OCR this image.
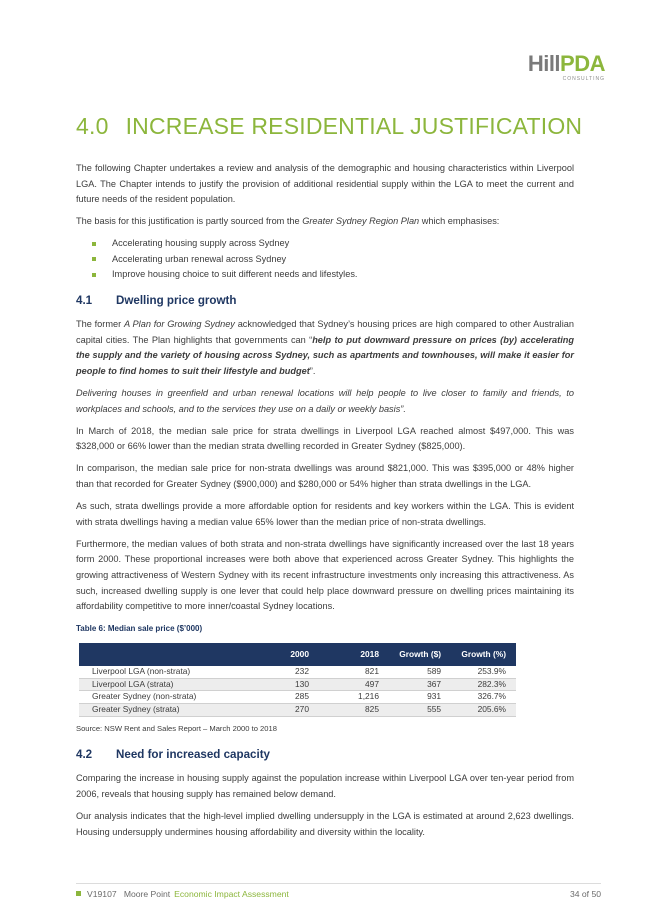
HillPDA
CONSULTING
4.0 INCREASE RESIDENTIAL JUSTIFICATION

The following Chapter undertakes a review and analysis of the demographic and housing characteristics within Liverpool LGA. The Chapter intends to justify the provision of additional residential supply within the LGA to meet the current and future needs of the resident population.

The basis for this justification is partly sourced from the Greater Sydney Region Plan which emphasises:

Accelerating housing supply across Sydney
Accelerating urban renewal across Sydney
Improve housing choice to suit different needs and lifestyles.
4.1 Dwelling price growth

The former A Plan for Growing Sydney acknowledged that Sydney’s housing prices are high compared to other Australian capital cities. The Plan highlights that governments can “help to put downward pressure on prices (by) accelerating the supply and the variety of housing across Sydney, such as apartments and townhouses, will make it easier for people to find homes to suit their lifestyle and budget”.

Delivering houses in greenfield and urban renewal locations will help people to live closer to family and friends, to workplaces and schools, and to the services they use on a daily or weekly basis”.

In March of 2018, the median sale price for strata dwellings in Liverpool LGA reached almost $497,000. This was $328,000 or 66% lower than the median strata dwelling recorded in Greater Sydney ($825,000).

In comparison, the median sale price for non-strata dwellings was around $821,000. This was $395,000 or 48% higher than that recorded for Greater Sydney ($900,000) and $280,000 or 54% higher than strata dwellings in the LGA.

As such, strata dwellings provide a more affordable option for residents and key workers within the LGA. This is evident with strata dwellings having a median value 65% lower than the median price of non-strata dwellings.

Furthermore, the median values of both strata and non-strata dwellings have significantly increased over the last 18 years form 2000. These proportional increases were both above that experienced across Greater Sydney. This highlights the growing attractiveness of Western Sydney with its recent infrastructure investments only increasing this attractiveness. As such, increased dwelling supply is one lever that could help place downward pressure on dwelling prices maintaining its affordability competitive to more inner/coastal Sydney locations.

Table 6: Median sale price ($’000)
	2000	2018	Growth ($)	Growth (%)
Liverpool LGA (non-strata)	232	821	589	253.9%
Liverpool LGA (strata)	130	497	367	282.3%
Greater Sydney (non-strata)	285	1,216	931	326.7%
Greater Sydney (strata)	270	825	555	205.6%
Source: NSW Rent and Sales Report – March 2000 to 2018
4.2 Need for increased capacity

Comparing the increase in housing supply against the population increase within Liverpool LGA over ten-year period from 2006, reveals that housing supply has remained below demand.

Our analysis indicates that the high-level implied dwelling undersupply in the LGA is estimated at around 2,623 dwellings. Housing undersupply undermines housing affordability and diversity within the locality.

V19107 Moore Point Economic Impact Assessment	34 of 50
